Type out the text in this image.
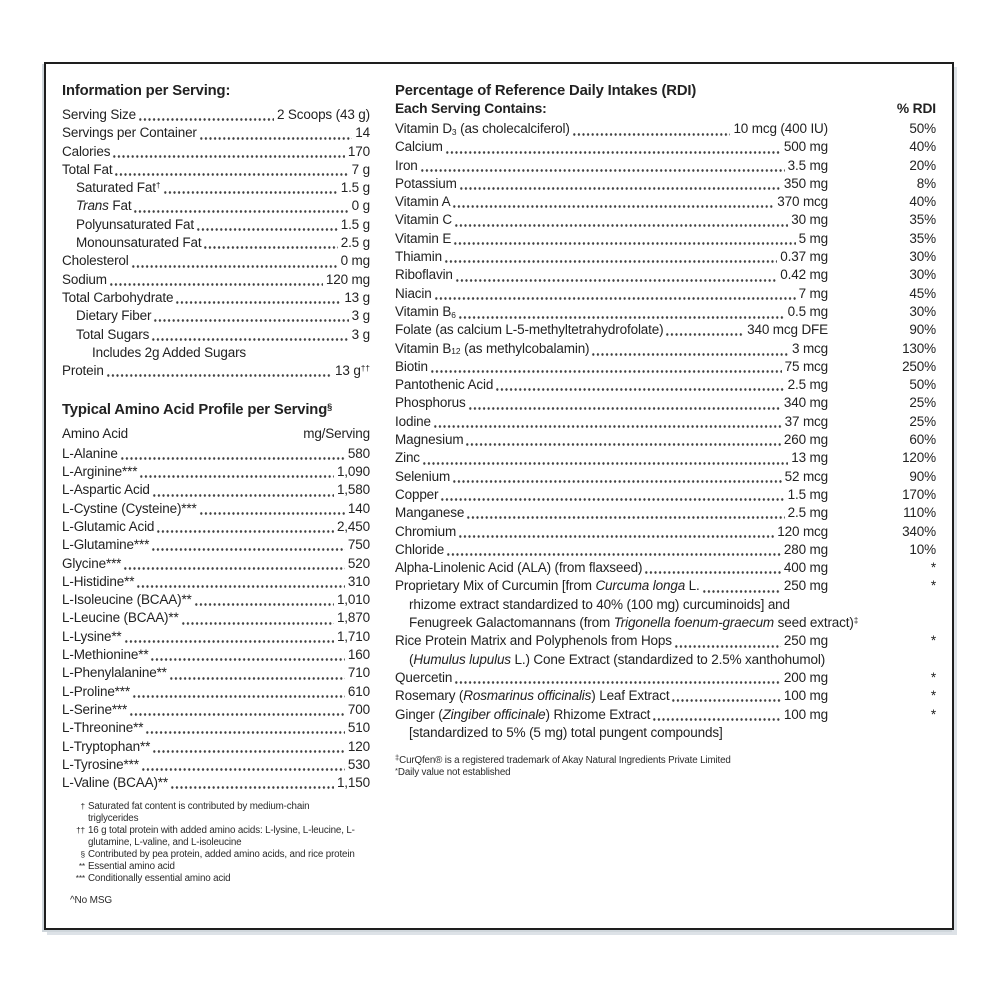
Information per Serving:
Serving Size	2 Scoops (43 g)
Servings per Container	14
Calories	170
Total Fat	7 g
Saturated Fat†	1.5 g
Trans Fat	0 g
Polyunsaturated Fat	1.5 g
Monounsaturated Fat	2.5 g
Cholesterol	0 mg
Sodium	120 mg
Total Carbohydrate	13 g
Dietary Fiber	3 g
Total Sugars	3 g
Includes 2g Added Sugars
Protein	13 g††
Typical Amino Acid Profile per Serving§
Amino Acid	mg/Serving
L-Alanine	580
L-Arginine***	1,090
L-Aspartic Acid	1,580
L-Cystine (Cysteine)***	140
L-Glutamic Acid	2,450
L-Glutamine***	750
Glycine***	520
L-Histidine**	310
L-Isoleucine (BCAA)**	1,010
L-Leucine (BCAA)**	1,870
L-Lysine**	1,710
L-Methionine**	160
L-Phenylalanine**	710
L-Proline***	610
L-Serine***	700
L-Threonine**	510
L-Tryptophan**	120
L-Tyrosine***	530
L-Valine (BCAA)**	1,150
† Saturated fat content is contributed by medium-chain triglycerides
†† 16 g total protein with added amino acids: L-lysine, L-leucine, L-glutamine, L-valine, and L-isoleucine
§ Contributed by pea protein, added amino acids, and rice protein
** Essential amino acid
*** Conditionally essential amino acid
Percentage of Reference Daily Intakes (RDI)
Each Serving Contains:	% RDI
Vitamin $D_3$ (as cholecalciferol)	10 mcg (400 IU)	50%
Calcium	500 mg	40%
Iron	3.5 mg	20%
Potassium	350 mg	8%
Vitamin A	370 mcg	40%
Vitamin C	30 mg	35%
Vitamin E	5 mg	35%
Thiamin	0.37 mg	30%
Riboflavin	0.42 mg	30%
Niacin	7 mg	45%
Vitamin $B_6$	0.5 mg	30%
Folate (as calcium L-5-methyltetrahydrofolate)	340 mcg DFE	90%
Vitamin $B_{12}$ (as methylcobalamin)	3 mcg	130%
Biotin	75 mcg	250%
Pantothenic Acid	2.5 mg	50%
Phosphorus	340 mg	25%
Iodine	37 mcg	25%
Magnesium	260 mg	60%
Zinc	13 mg	120%
Selenium	52 mcg	90%
Copper	1.5 mg	170%
Manganese	2.5 mg	110%
Chromium	120 mcg	340%
Chloride	280 mg	10%
Alpha-Linolenic Acid (ALA) (from flaxseed)	400 mg	*
Proprietary Mix of Curcumin [from Curcuma longa L.	250 mg	*
rhizome extract standardized to 40% (100 mg) curcuminoids] and
Fenugreek Galactomannans (from Trigonella foenum-graecum seed extract)‡
Rice Protein Matrix and Polyphenols from Hops	250 mg	*
(Humulus lupulus L.) Cone Extract (standardized to 2.5% xanthohumol)
Quercetin	200 mg	*
Rosemary (Rosmarinus officinalis) Leaf Extract	100 mg	*
Ginger (Zingiber officinale) Rhizome Extract	100 mg	*
[standardized to 5% (5 mg) total pungent compounds]
‡CurQfen® is a registered trademark of Akay Natural Ingredients Private Limited
*Daily value not established
^No MSG
